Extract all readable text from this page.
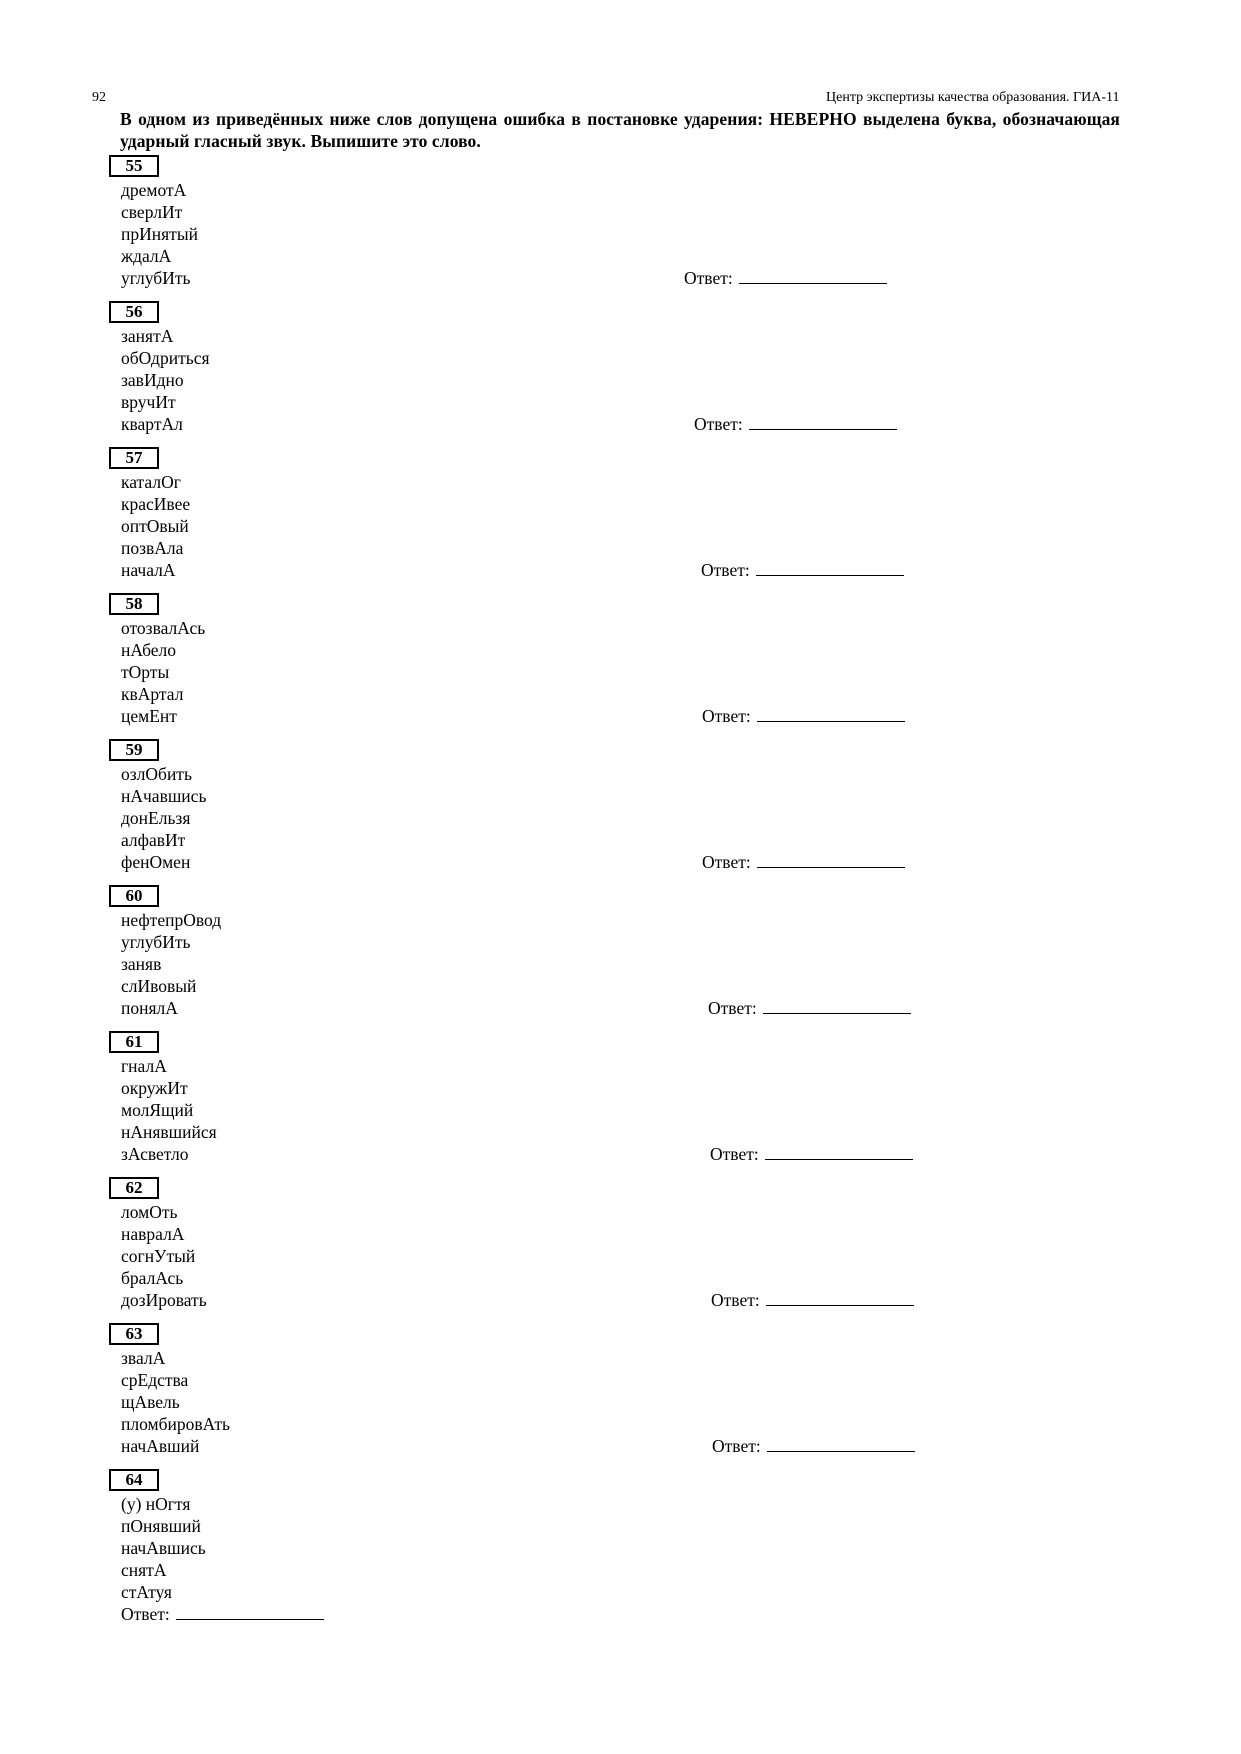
92	Центр экспертизы качества образования. ГИА-11
В одном из приведённых ниже слов допущена ошибка в постановке ударения: НЕВЕРНО выделена буква, обозначающая ударный гласный звук. Выпишите это слово.
55
дремотА
сверлИт
прИнятый
ждалА
углубИть	Ответ:
56
занятА
обОдриться
завИдно
вручИт
квартАл	Ответ:
57
каталОг
красИвее
оптОвый
позвАла
началА	Ответ:
58
отозвалАсь
нАбело
тОрты
квАртал
цемЕнт	Ответ:
59
озлОбить
нАчавшись
донЕльзя
алфавИт
фенОмен	Ответ:
60
нефтепрОвод
углубИть
заняв
слИвовый
понялА	Ответ:
61
гналА
окружИт
молЯщий
нАнявшийся
зАсветло	Ответ:
62
ломОть
навралА
согнУтый
бралАсь
дозИровать	Ответ:
63
звалА
срЕдства
щАвель
пломбировАть
начАвший	Ответ:
64
(у) нОгтя
пОнявший
начАвшись
снятА
стАтуя
Ответ:
